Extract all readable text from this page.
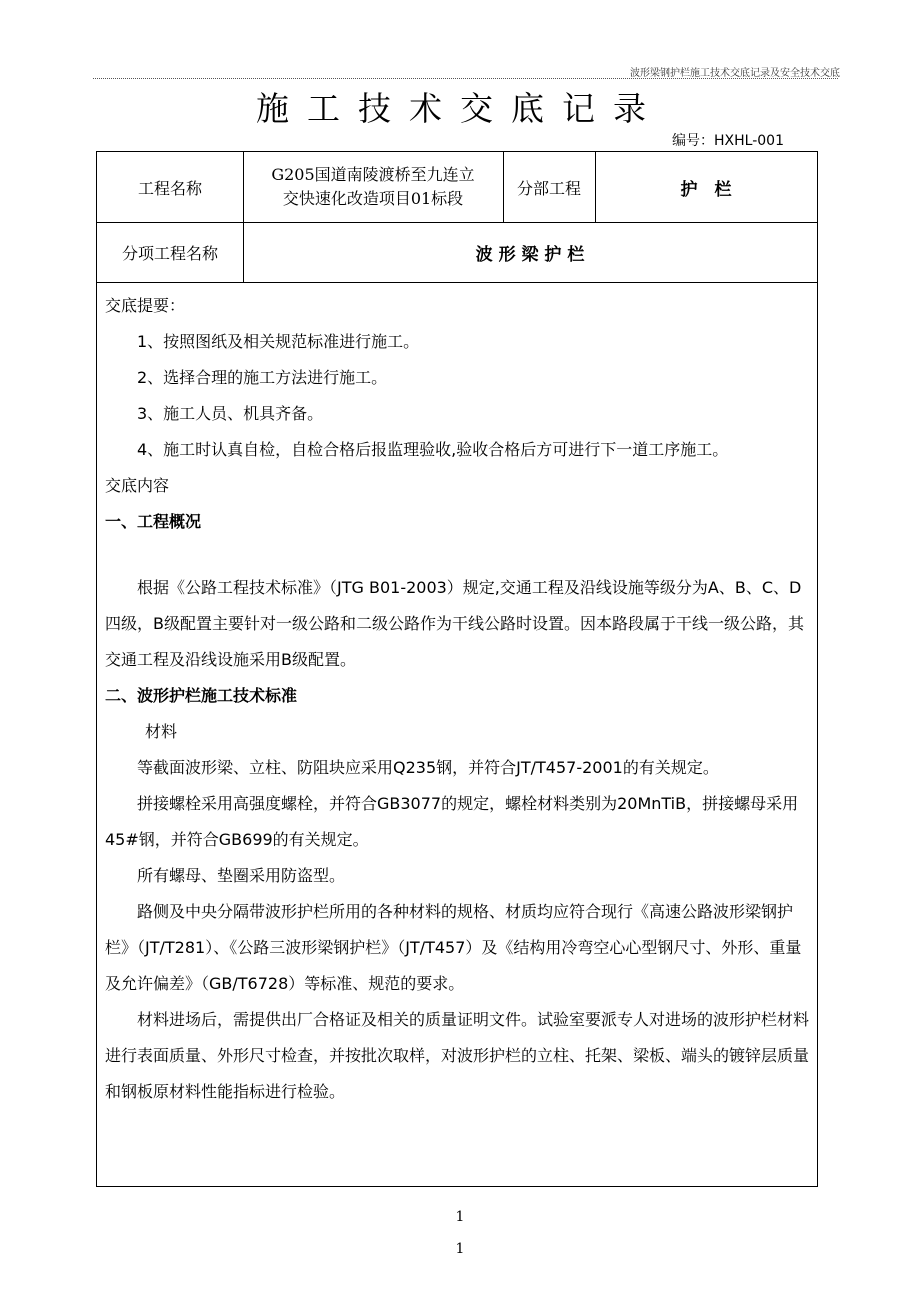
波形梁钢护栏施工技术交底记录及安全技术交底
施工技术交底记录
编号：HXHL-001
工程名称
G205国道南陵渡桥至九连立
交快速化改造项目01标段
分部工程	护　栏
分项工程名称	波 形 梁 护 栏

交底提要：

1、按照图纸及相关规范标准进行施工。

2、选择合理的施工方法进行施工。

3、施工人员、机具齐备。

4、施工时认真自检，自检合格后报监理验收,验收合格后方可进行下一道工序施工。

交底内容

一、工程概况

根据《公路工程技术标准》（JTG B01-2003）规定,交通工程及沿线设施等级分为A、B、C、D四级，B级配置主要针对一级公路和二级公路作为干线公路时设置。因本路段属于干线一级公路，其交通工程及沿线设施采用B级配置。

二、波形护栏施工技术标准

材料

等截面波形梁、立柱、防阻块应采用Q235钢，并符合JT/T457-2001的有关规定。

拼接螺栓采用高强度螺栓，并符合GB3077的规定，螺栓材料类别为20MnTiB，拼接螺母采用45#钢，并符合GB699的有关规定。

所有螺母、垫圈采用防盗型。

路侧及中央分隔带波形护栏所用的各种材料的规格、材质均应符合现行《高速公路波形梁钢护栏》（JT/T281）、《公路三波形梁钢护栏》（JT/T457）及《结构用冷弯空心心型钢尺寸、外形、重量及允许偏差》（GB/T6728）等标准、规范的要求。

材料进场后，需提供出厂合格证及相关的质量证明文件。试验室要派专人对进场的波形护栏材料进行表面质量、外形尺寸检查，并按批次取样，对波形护栏的立柱、托架、梁板、端头的镀锌层质量和钢板原材料性能指标进行检验。

1
1
